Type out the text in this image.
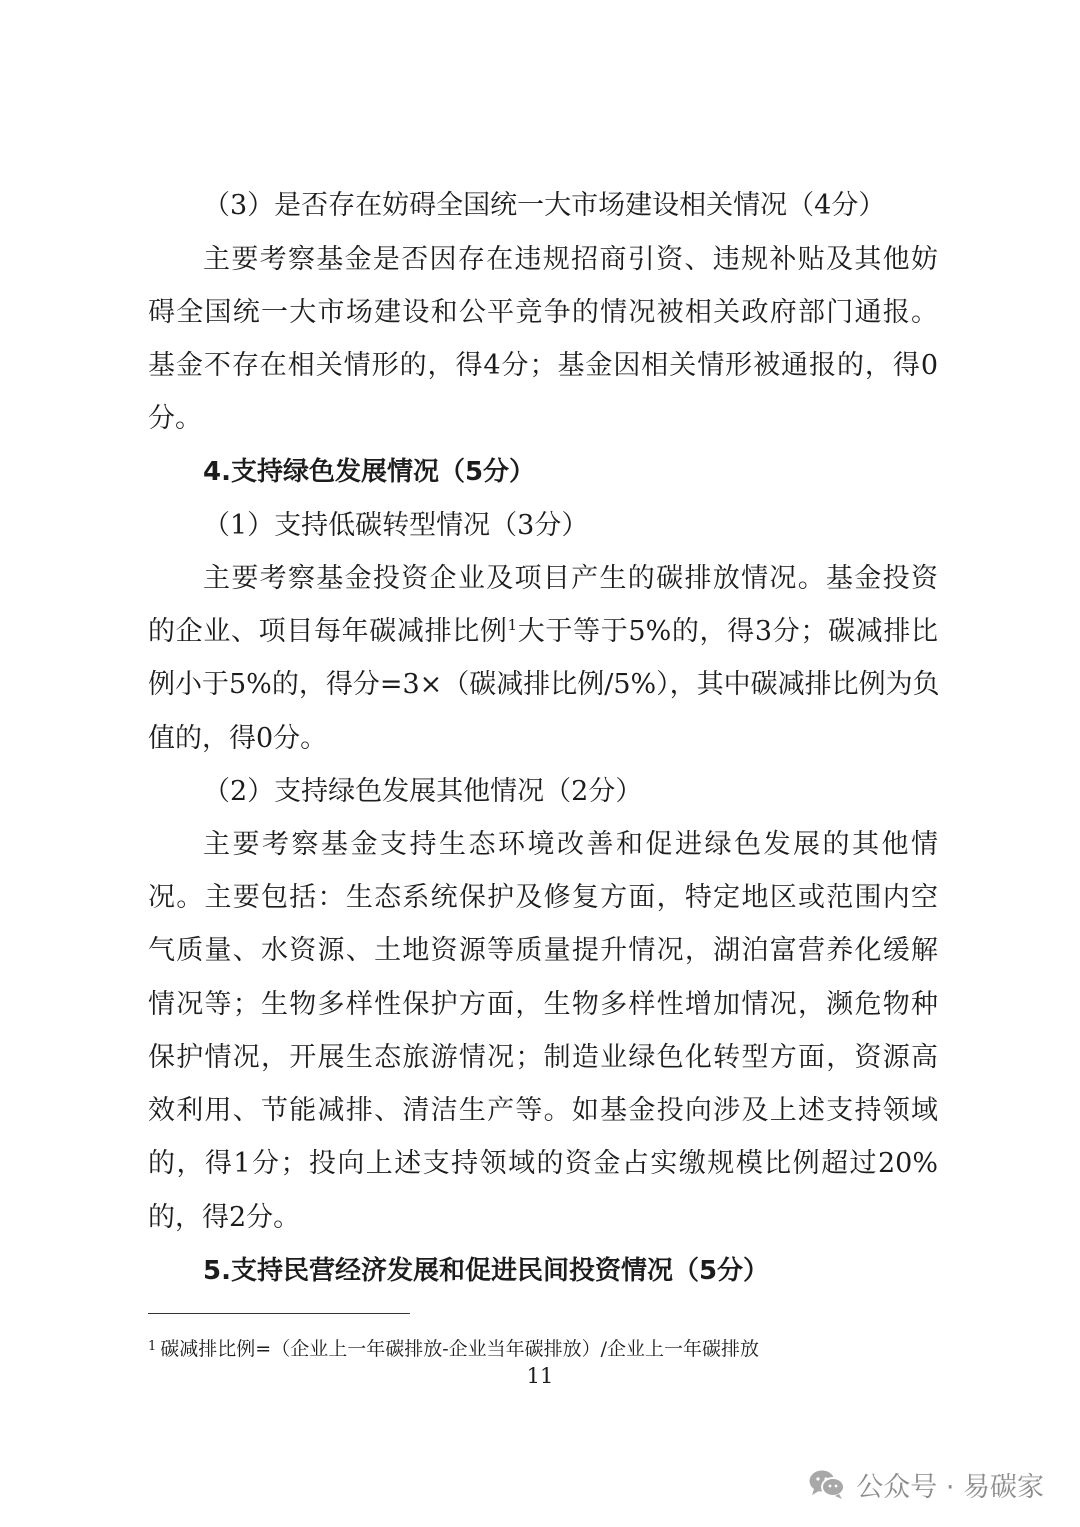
（3）是否存在妨碍全国统一大市场建设相关情况（4分）
主要考察基金是否因存在违规招商引资、违规补贴及其他妨
碍全国统一大市场建设和公平竞争的情况被相关政府部门通报。
基金不存在相关情形的，得4分；基金因相关情形被通报的，得0
分。
4.支持绿色发展情况（5分）
（1）支持低碳转型情况（3分）
主要考察基金投资企业及项目产生的碳排放情况。基金投资
的企业、项目每年碳减排比例$^1$大于等于5%的，得3分；碳减排比
例小于5%的，得分=3×（碳减排比例/5%），其中碳减排比例为负
值的，得0分。
（2）支持绿色发展其他情况（2分）
主要考察基金支持生态环境改善和促进绿色发展的其他情
况。主要包括：生态系统保护及修复方面，特定地区或范围内空
气质量、水资源、土地资源等质量提升情况，湖泊富营养化缓解
情况等；生物多样性保护方面，生物多样性增加情况，濒危物种
保护情况，开展生态旅游情况；制造业绿色化转型方面，资源高
效利用、节能减排、清洁生产等。如基金投向涉及上述支持领域
的，得1分；投向上述支持领域的资金占实缴规模比例超过20%
的，得2分。
5.支持民营经济发展和促进民间投资情况（5分）
$^1$ 碳减排比例=（企业上一年碳排放-企业当年碳排放）/企业上一年碳排放
11
公众号 · 易碳家
